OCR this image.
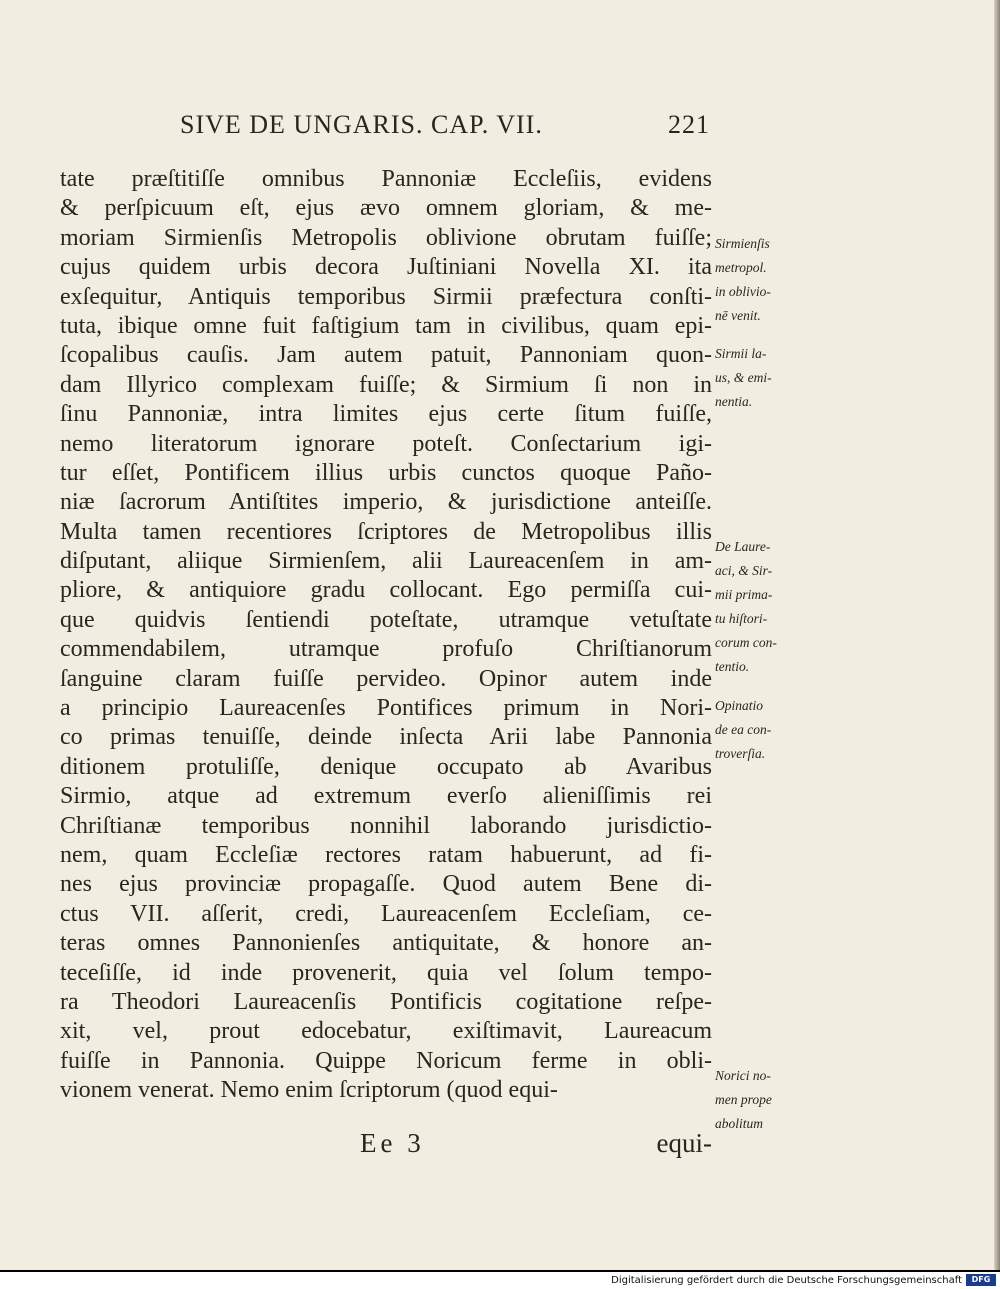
SIVE DE UNGARIS. CAP. VII.	221
tate præſtitiſſe omnibus Pannoniæ Eccleſiis, evidens
& perſpicuum eſt, ejus ævo omnem gloriam, & me-
moriam Sirmienſis Metropolis oblivione obrutam fuiſſe;
cujus quidem urbis decora Juſtiniani Novella XI. ita
exſequitur, Antiquis temporibus Sirmii præfectura conſti-
tuta, ibique omne fuit faſtigium tam in civilibus, quam epi-
ſcopalibus cauſis. Jam autem patuit, Pannoniam quon-
dam Illyrico complexam fuiſſe; & Sirmium ſi non in
ſinu Pannoniæ, intra limites ejus certe ſitum fuiſſe,
nemo literatorum ignorare poteſt. Conſectarium igi-
tur eſſet, Pontificem illius urbis cunctos quoque Paño-
niæ ſacrorum Antiſtites imperio, & jurisdictione anteiſſe.
Multa tamen recentiores ſcriptores de Metropolibus illis
diſputant, aliique Sirmienſem, alii Laureacenſem in am-
pliore, & antiquiore gradu collocant. Ego permiſſa cui-
que quidvis ſentiendi poteſtate, utramque vetuſtate
commendabilem, utramque profuſo Chriſtianorum
ſanguine claram fuiſſe pervideo. Opinor autem inde
a principio Laureacenſes Pontifices primum in Nori-
co primas tenuiſſe, deinde inſecta Arii labe Pannonia
ditionem protuliſſe, denique occupato ab Avaribus
Sirmio, atque ad extremum everſo alieniſſimis rei
Chriſtianæ temporibus nonnihil laborando jurisdictio-
nem, quam Eccleſiæ rectores ratam habuerunt, ad fi-
nes ejus provinciæ propagaſſe. Quod autem Bene di-
ctus VII. aſſerit, credi, Laureacenſem Eccleſiam, ce-
teras omnes Pannonienſes antiquitate, & honore an-
teceſiſſe, id inde provenerit, quia vel ſolum tempo-
ra Theodori Laureacenſis Pontificis cogitatione reſpe-
xit, vel, prout edocebatur, exiſtimavit, Laureacum
fuiſſe in Pannonia. Quippe Noricum ferme in obli-
vionem venerat. Nemo enim ſcriptorum (quod equi-
Ee 3	equi-
Sirmienſis
metropol.
in oblivio-
nē venit.
Sirmii la-
us, & emi-
nentia.
De Laure-
aci, & Sir-
mii prima-
tu hiſtori-
corum con-
tentio.
Opinatio
de ea con-
troverſia.
Norici no-
men prope
abolitum
Digitalisierung gefördert durch die Deutsche Forschungsgemeinschaft	DFG
